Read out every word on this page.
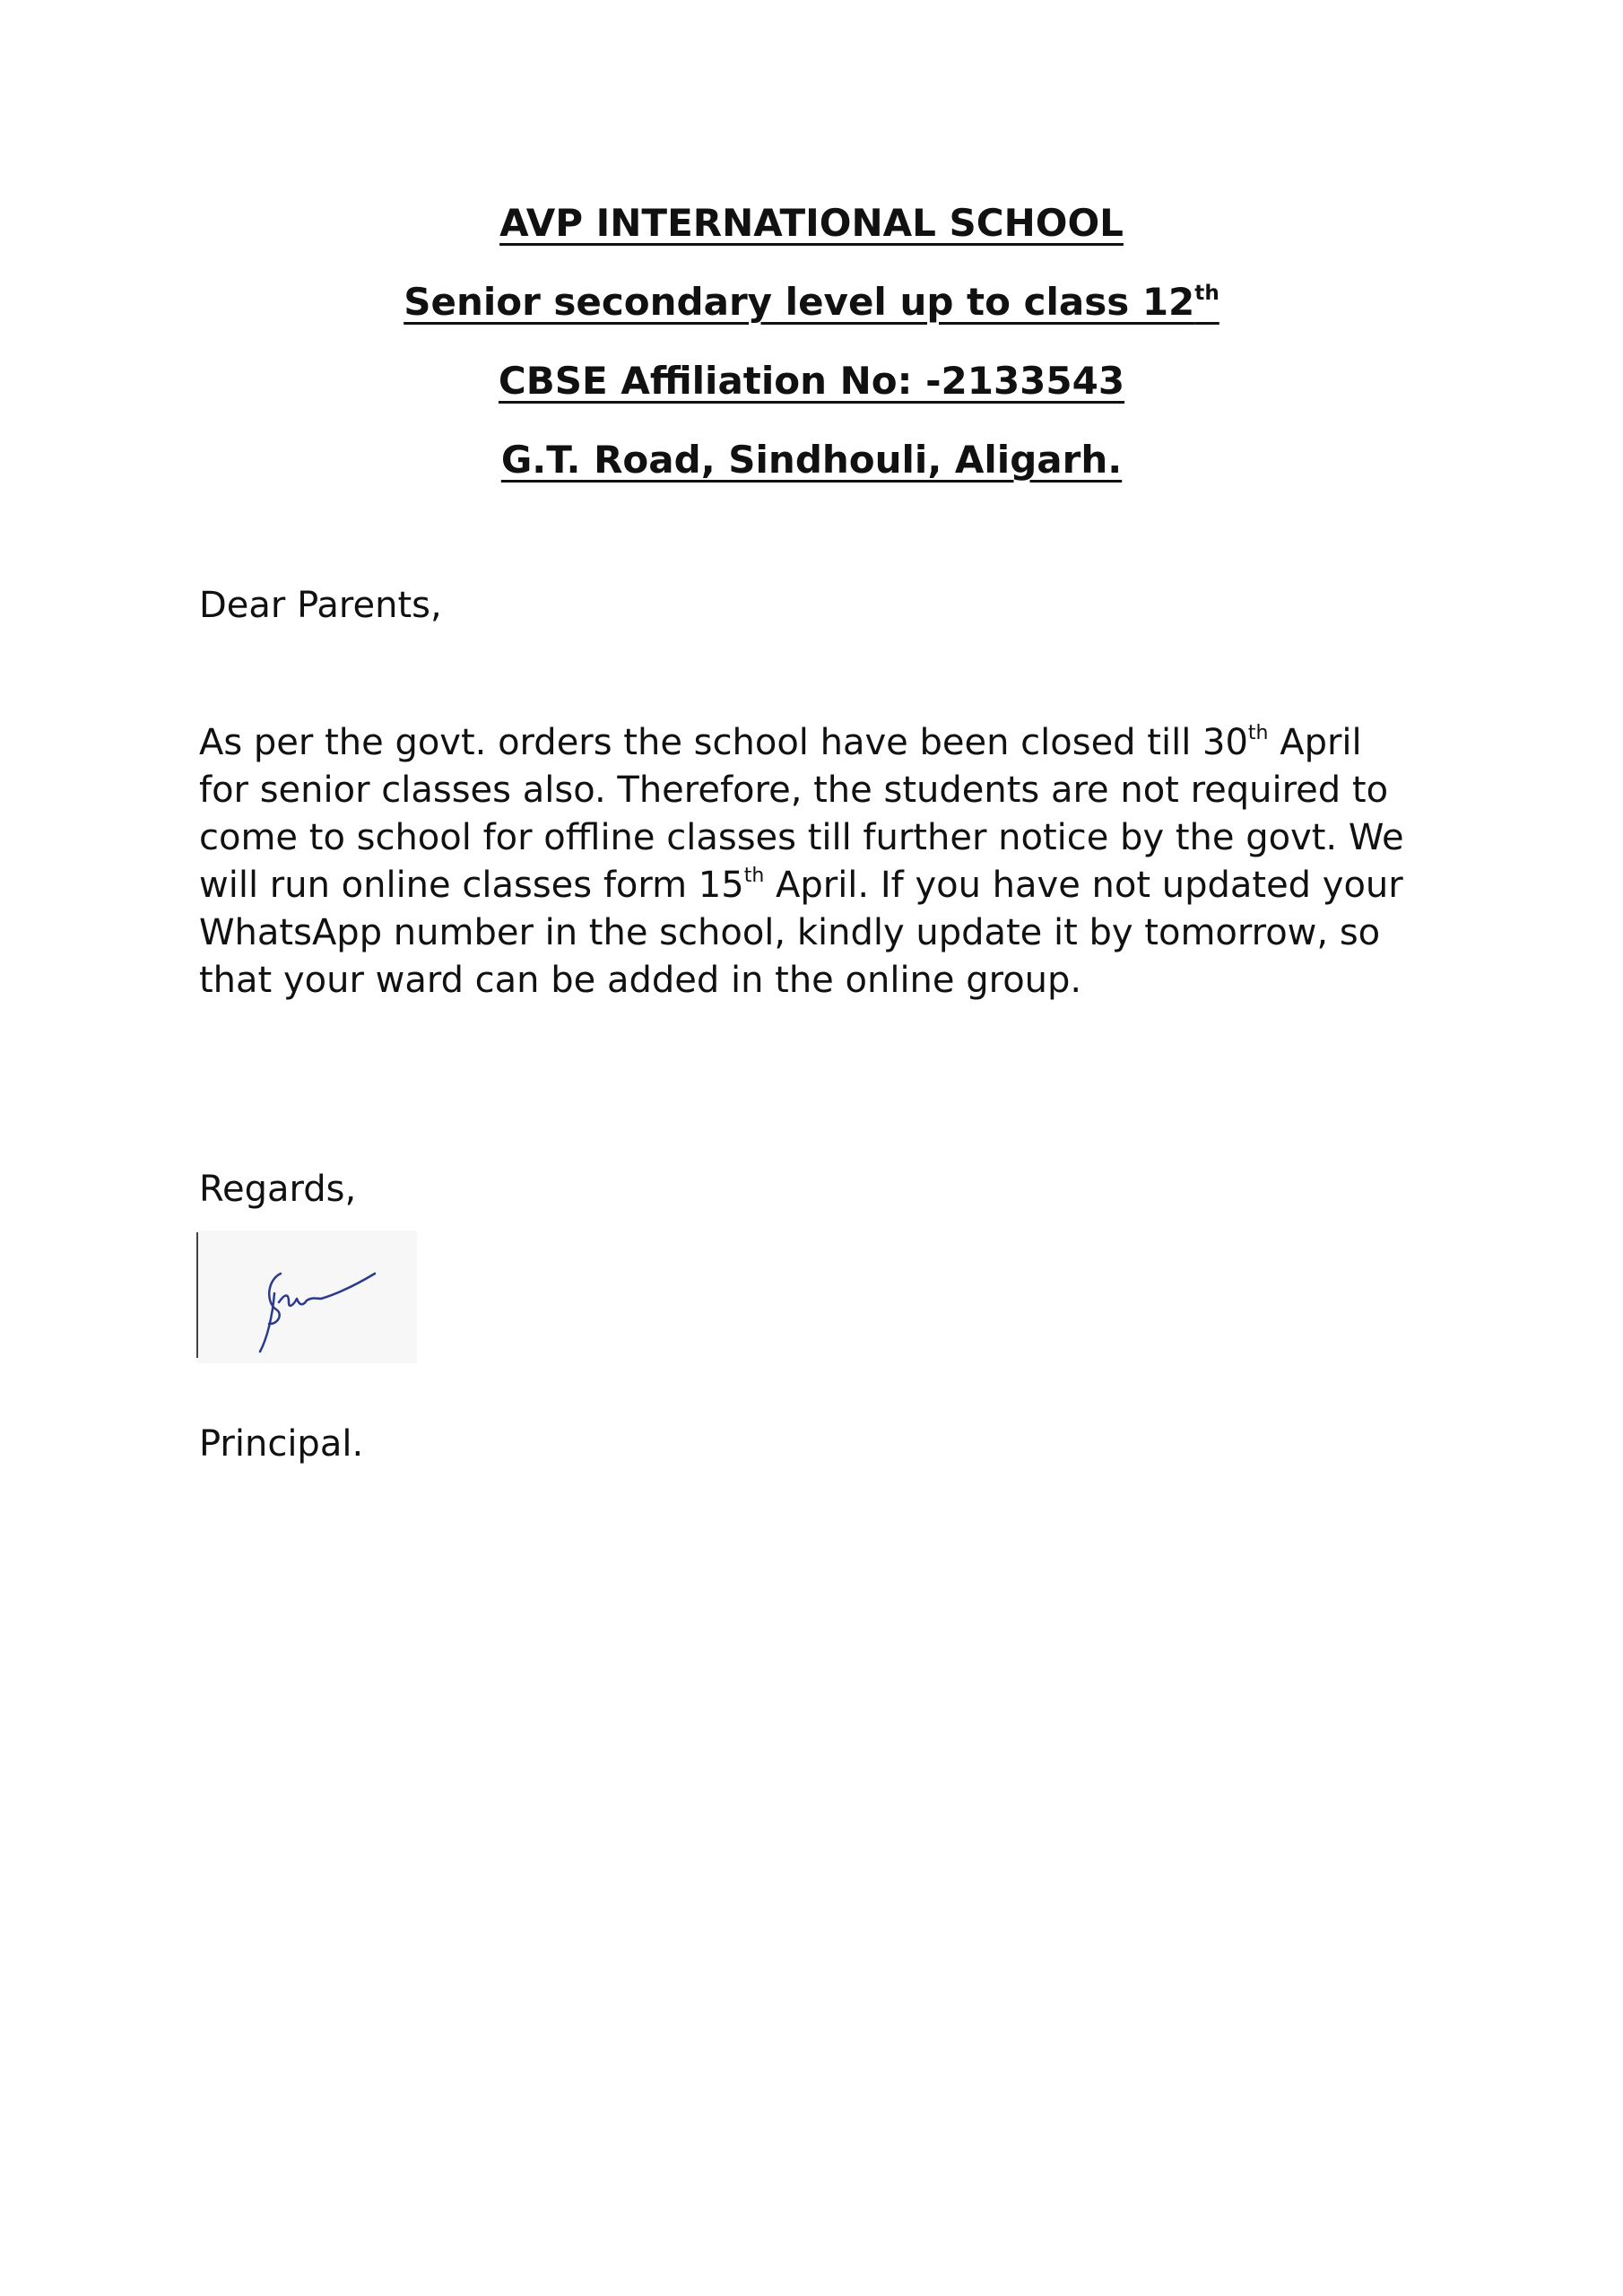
AVP INTERNATIONAL SCHOOL
Senior secondary level up to class 12th
CBSE Affiliation No: -2133543
G.T. Road, Sindhouli, Aligarh.
Dear Parents,
As per the govt. orders the school have been closed till 30th April
for senior classes also. Therefore, the students are not required to
come to school for offline classes till further notice by the govt. We
will run online classes form 15th April. If you have not updated your
WhatsApp number in the school, kindly update it by tomorrow, so
that your ward can be added in the online group.
Regards,
Principal.
